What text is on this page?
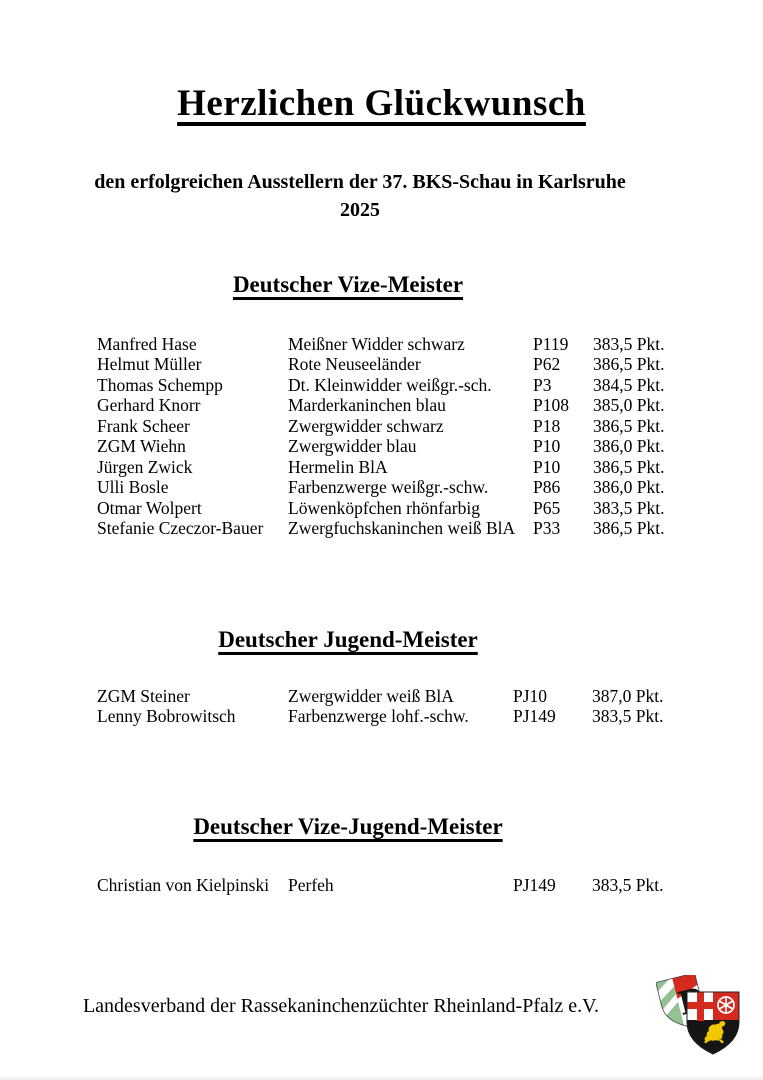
Herzlichen Glückwunsch
den erfolgreichen Ausstellern der 37. BKS-Schau in Karlsruhe
2025
Deutscher Vize-Meister
Manfred Hase	Meißner Widder schwarz	P119	383,5 Pkt.
Helmut Müller	Rote Neuseeländer	P62	386,5 Pkt.
Thomas Schempp	Dt. Kleinwidder weißgr.-sch.	P3	384,5 Pkt.
Gerhard Knorr	Marderkaninchen blau	P108	385,0 Pkt.
Frank Scheer	Zwergwidder schwarz	P18	386,5 Pkt.
ZGM Wiehn	Zwergwidder blau	P10	386,0 Pkt.
Jürgen Zwick	Hermelin BlA	P10	386,5 Pkt.
Ulli Bosle	Farbenzwerge weißgr.-schw.	P86	386,0 Pkt.
Otmar Wolpert	Löwenköpfchen rhönfarbig	P65	383,5 Pkt.
Stefanie Czeczor-Bauer	Zwergfuchskaninchen weiß BlA	P33	386,5 Pkt.
Deutscher Jugend-Meister
ZGM Steiner	Zwergwidder weiß BlA	PJ10	387,0 Pkt.
Lenny Bobrowitsch	Farbenzwerge lohf.-schw.	PJ149	383,5 Pkt.
Deutscher Vize-Jugend-Meister
Christian von Kielpinski	Perfeh	PJ149	383,5 Pkt.
Landesverband der Rassekaninchenzüchter Rheinland-Pfalz e.V.
